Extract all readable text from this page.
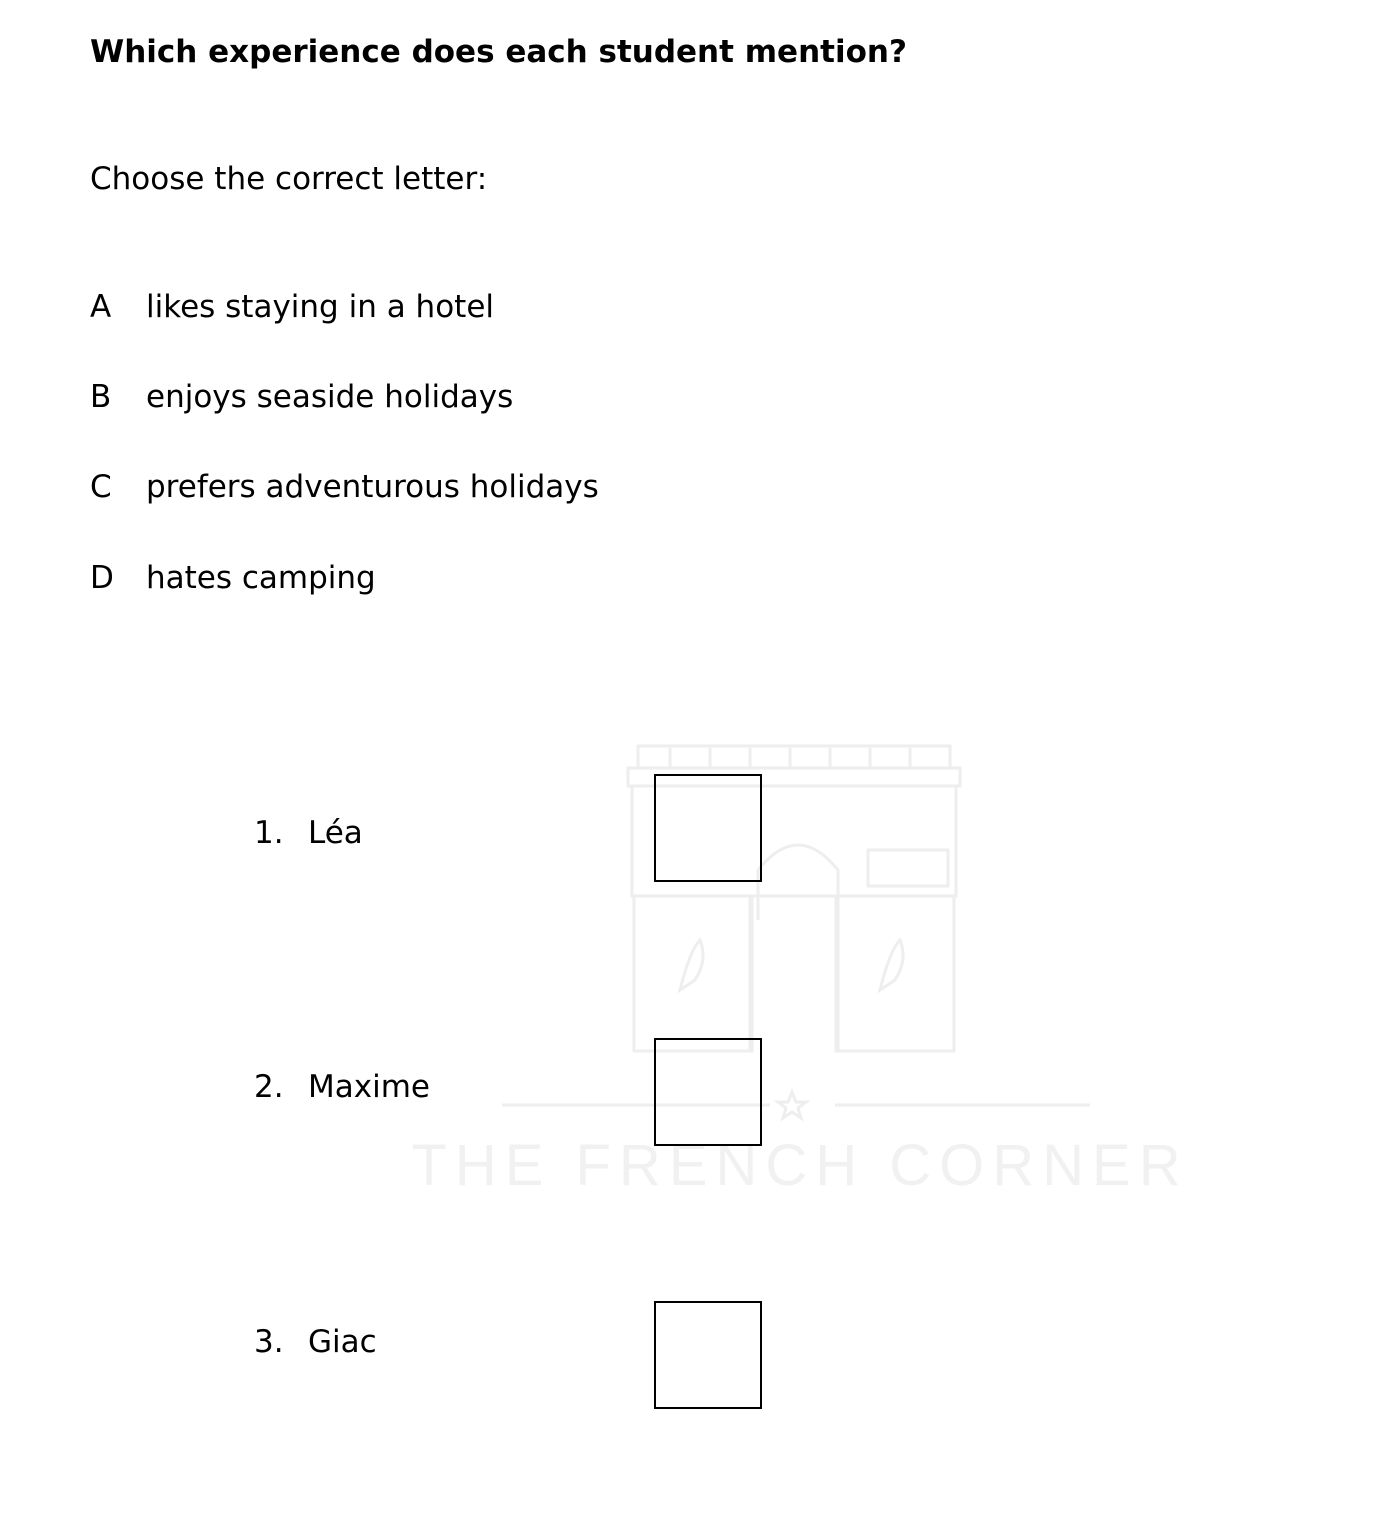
THE FRENCH CORNER
Which experience does each student mention?
Choose the correct letter:
A likes staying in a hotel
B enjoys seaside holidays
C prefers adventurous holidays
D hates camping
1. Léa
2. Maxime
3. Giac
